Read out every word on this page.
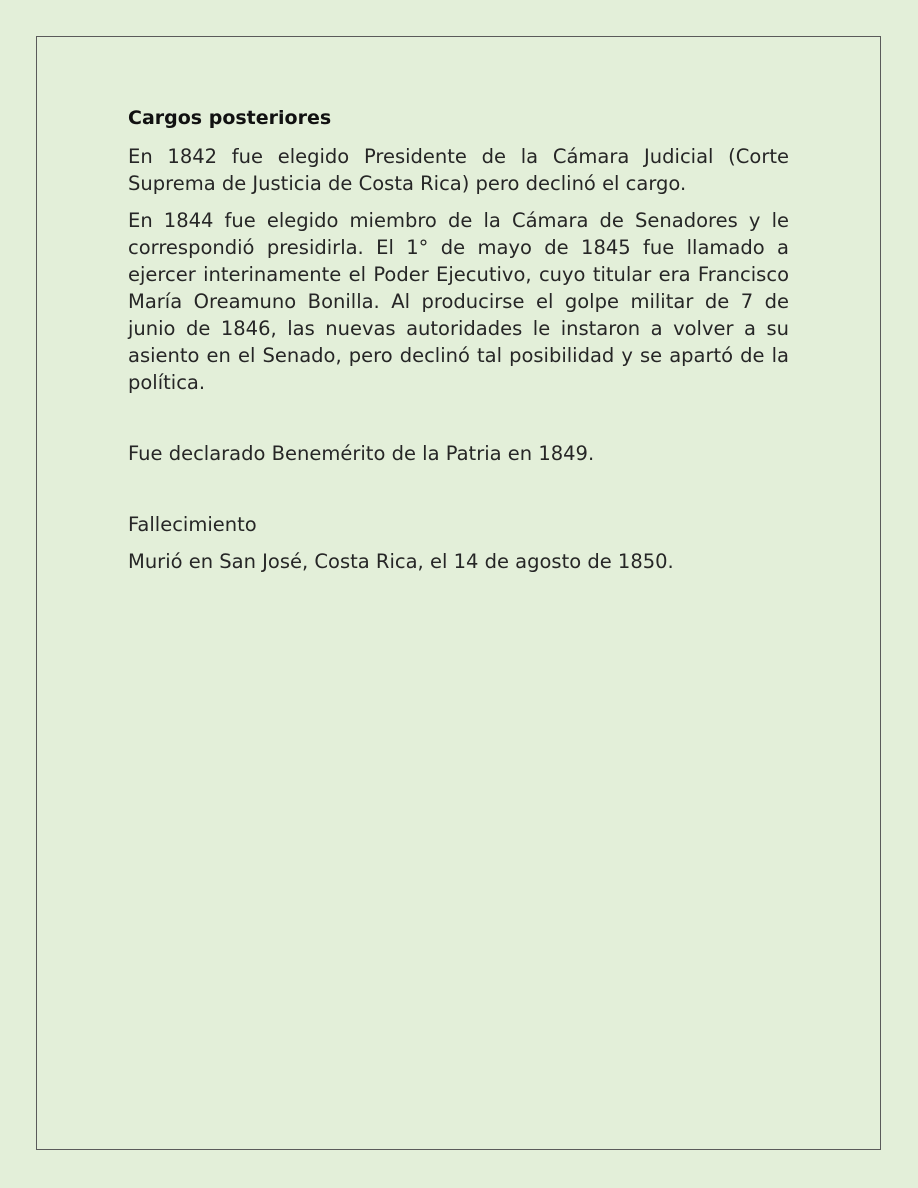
Cargos posteriores

En 1842 fue elegido Presidente de la Cámara Judicial (Corte Suprema de Justicia de Costa Rica) pero declinó el cargo.

En 1844 fue elegido miembro de la Cámara de Senadores y le correspondió presidirla. El 1° de mayo de 1845 fue llamado a ejercer interinamente el Poder Ejecutivo, cuyo titular era Francisco María Oreamuno Bonilla. Al producirse el golpe militar de 7 de junio de 1846, las nuevas autoridades le instaron a volver a su asiento en el Senado, pero declinó tal posibilidad y se apartó de la política.

Fue declarado Benemérito de la Patria en 1849.

Fallecimiento

Murió en San José, Costa Rica, el 14 de agosto de 1850.
